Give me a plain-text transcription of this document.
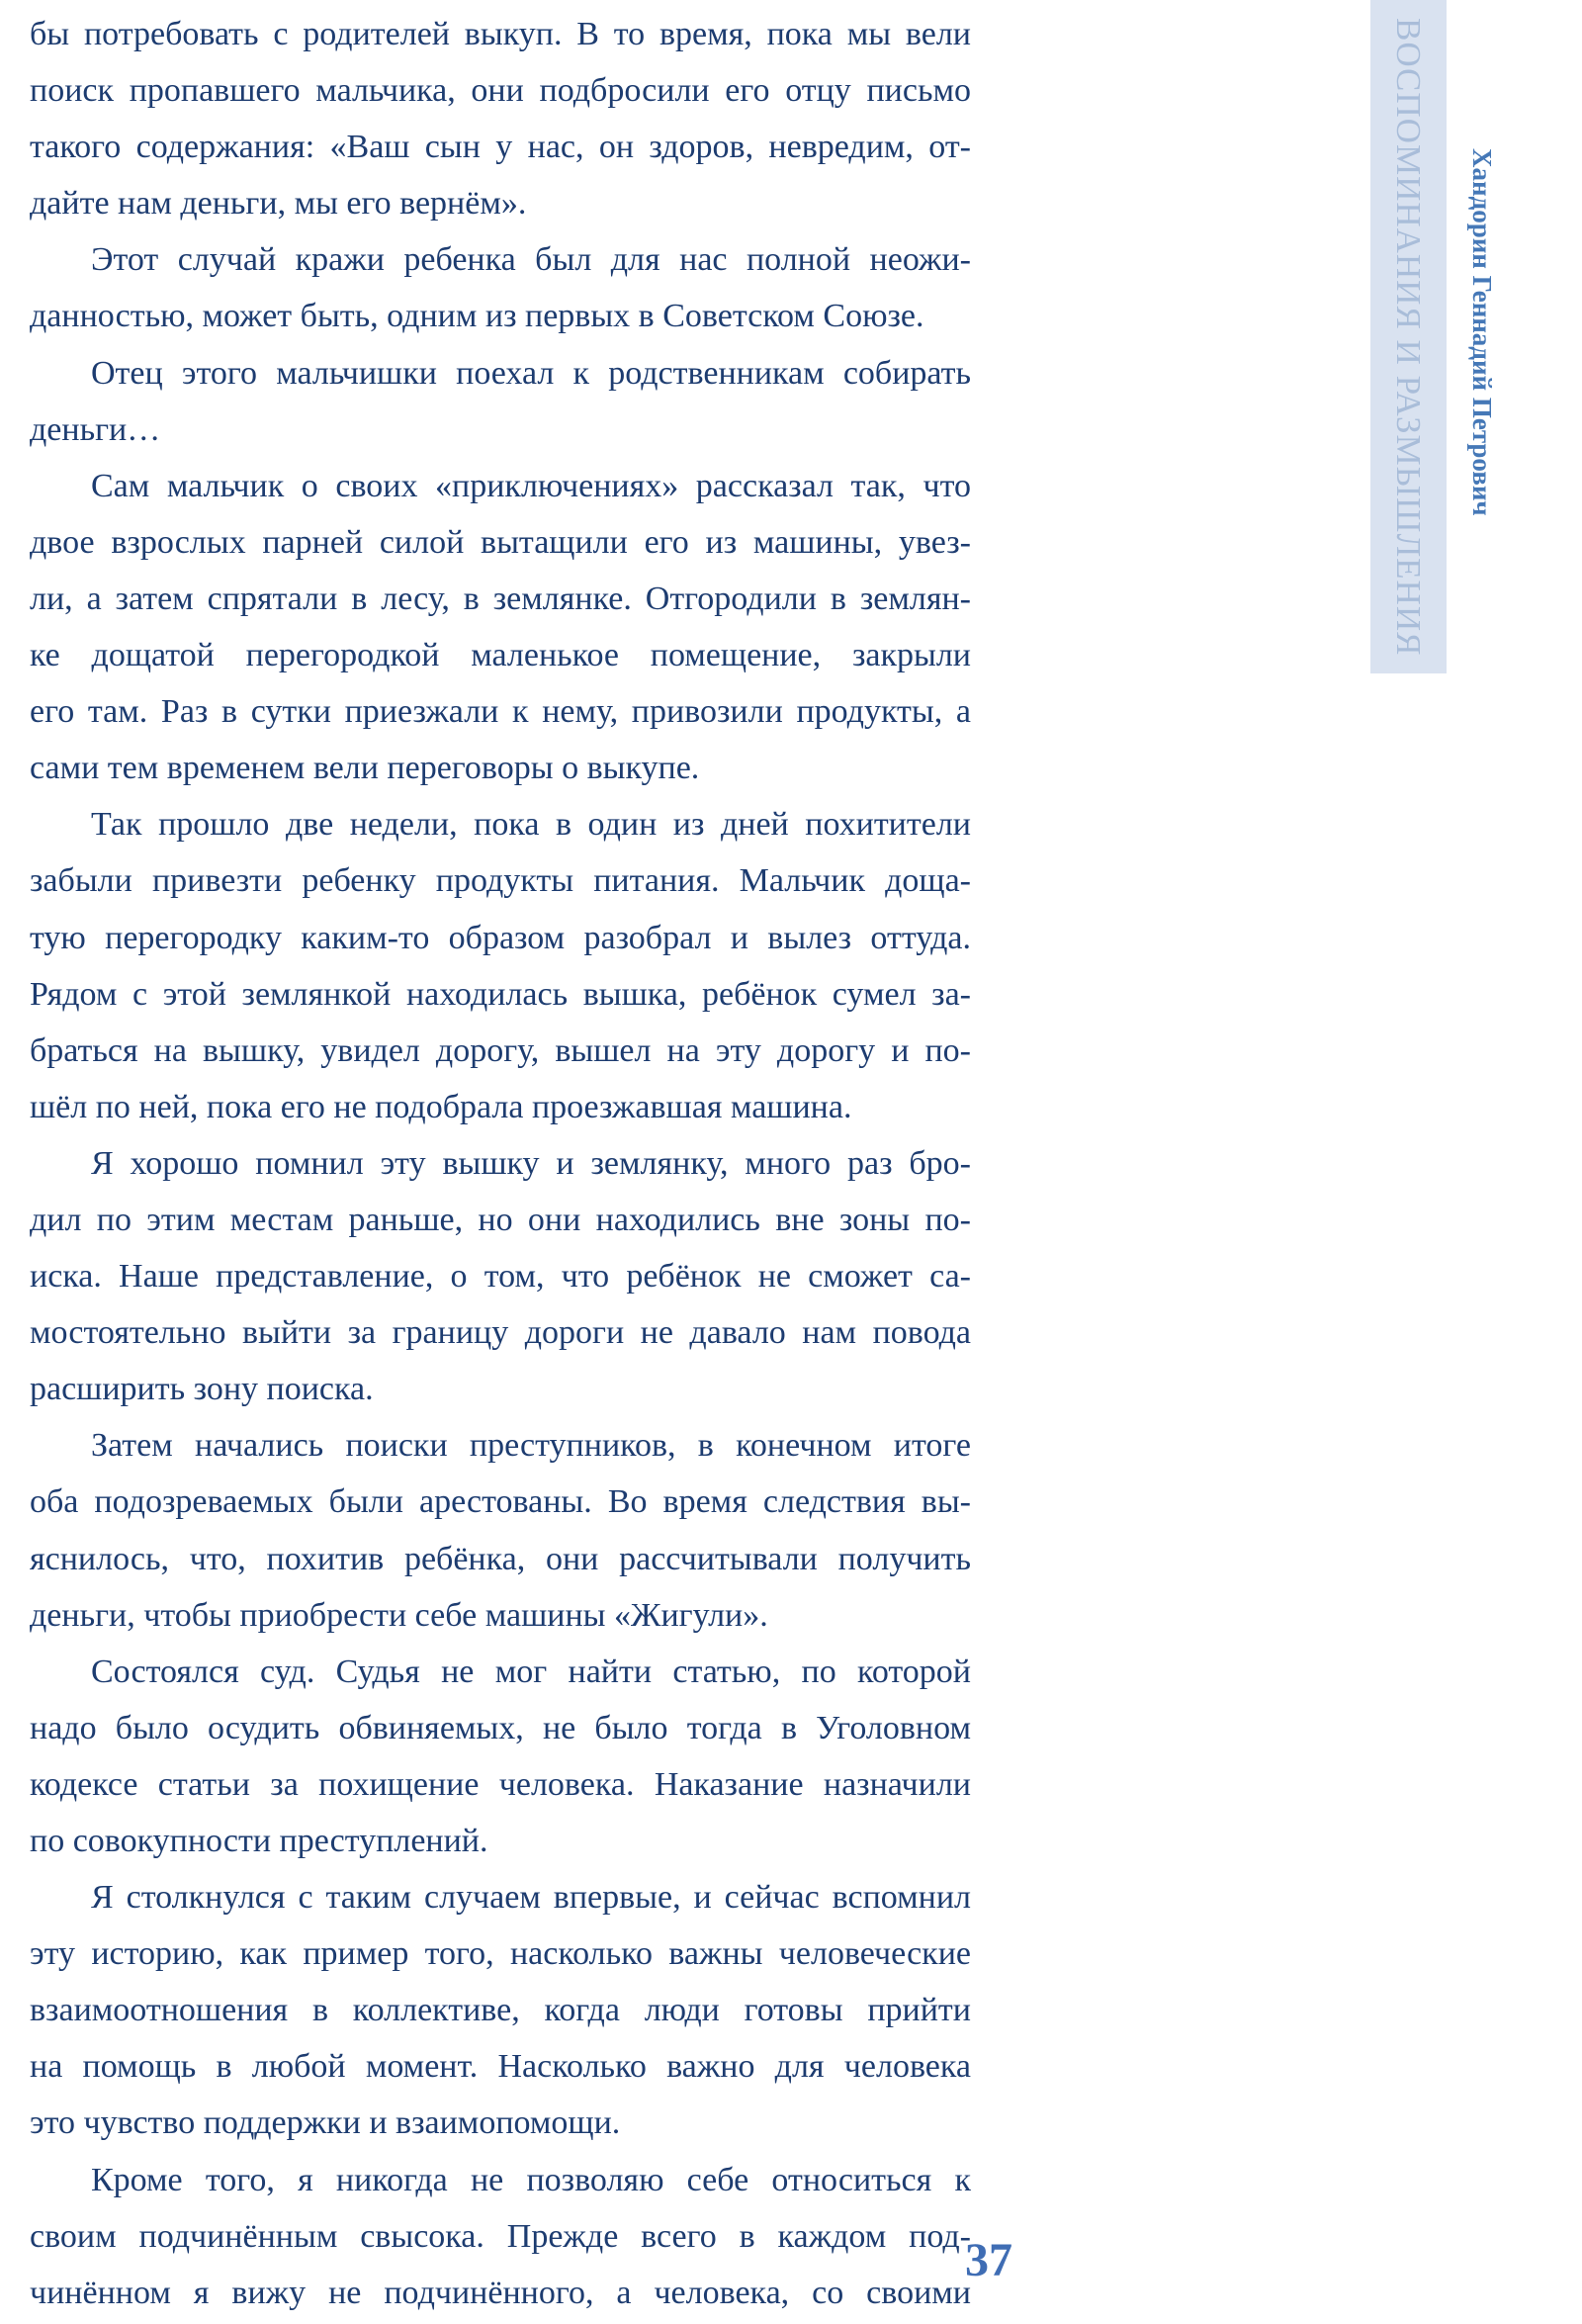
бы потребовать с родителей выкуп. В то время, пока мы вели
поиск пропавшего мальчика, они подбросили его отцу письмо
такого содержания: «Ваш сын у нас, он здоров, невредим, от-
дайте нам деньги, мы его вернём».
Этот случай кражи ребенка был для нас полной неожи-
данностью, может быть, одним из первых в Советском Союзе.
Отец этого мальчишки поехал к родственникам собирать
деньги…
Сам мальчик о своих «приключениях» рассказал так, что
двое взрослых парней силой вытащили его из машины, увез-
ли, а затем спрятали в лесу, в землянке. Отгородили в землян-
ке дощатой перегородкой маленькое помещение, закрыли
его там. Раз в сутки приезжали к нему, привозили продукты, а
сами тем временем вели переговоры о выкупе.
Так прошло две недели, пока в один из дней похитители
забыли привезти ребенку продукты питания. Мальчик доща-
тую перегородку каким-то образом разобрал и вылез оттуда.
Рядом с этой землянкой находилась вышка, ребёнок сумел за-
браться на вышку, увидел дорогу, вышел на эту дорогу и по-
шёл по ней, пока его не подобрала проезжавшая машина.
Я хорошо помнил эту вышку и землянку, много раз бро-
дил по этим местам раньше, но они находились вне зоны по-
иска. Наше представление, о том, что ребёнок не сможет са-
мостоятельно выйти за границу дороги не давало нам повода
расширить зону поиска.
Затем начались поиски преступников, в конечном итоге
оба подозреваемых были арестованы. Во время следствия вы-
яснилось, что, похитив ребёнка, они рассчитывали получить
деньги, чтобы приобрести себе машины «Жигули».
Состоялся суд. Судья не мог найти статью, по которой
надо было осудить обвиняемых, не было тогда в Уголовном
кодексе статьи за похищение человека. Наказание назначили
по совокупности преступлений.
Я столкнулся с таким случаем впервые, и сейчас вспомнил
эту историю, как пример того, насколько важны человеческие
взаимоотношения в коллективе, когда люди готовы прийти
на помощь в любой момент. Насколько важно для человека
это чувство поддержки и взаимопомощи.
Кроме того, я никогда не позволяю себе относиться к
своим подчинённым свысока. Прежде всего в каждом под-
чинённом я вижу не подчинённого, а человека, со своими
ВОСПОМИНАНИЯ И РАЗМЫШЛЕНИЯ	Хандорин Геннадий Петрович
37
